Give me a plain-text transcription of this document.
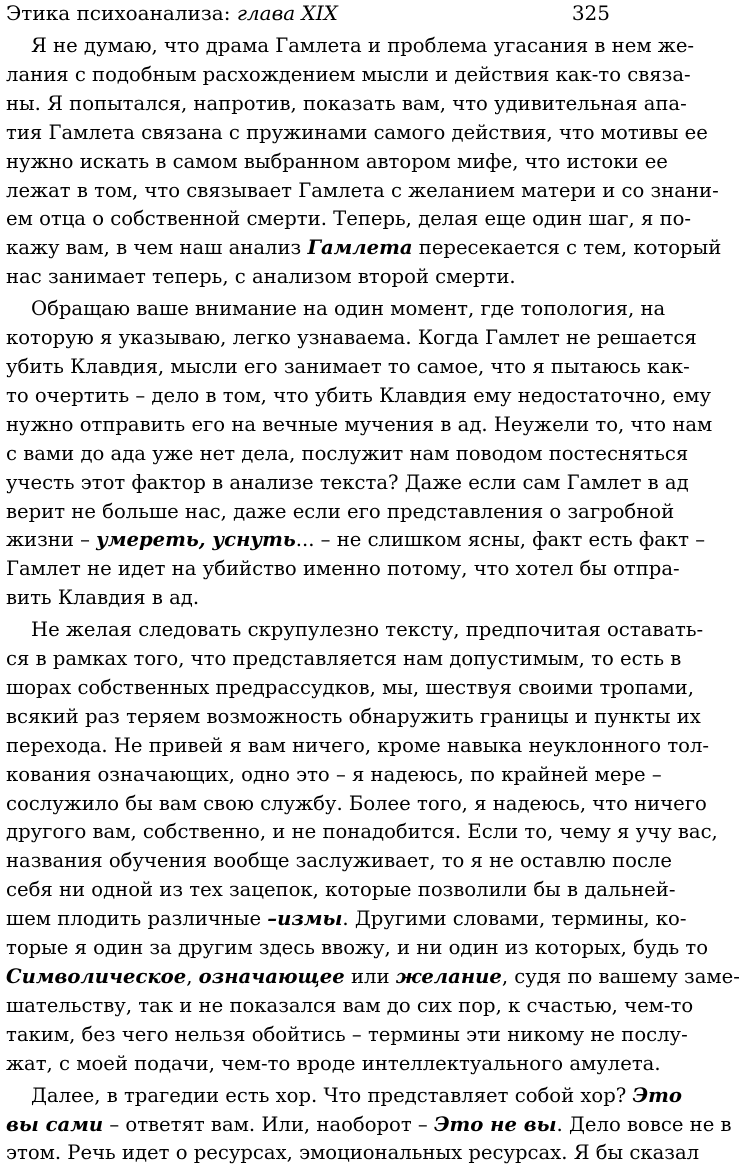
Этика психоанализа: глава XIX	325
Я не думаю, что драма Гамлета и проблема угасания в нем же-
лания с подобным расхождением мысли и действия как-то связа-
ны. Я попытался, напротив, показать вам, что удивительная апа-
тия Гамлета связана с пружинами самого действия, что мотивы ее
нужно искать в самом выбранном автором мифе, что истоки ее
лежат в том, что связывает Гамлета с желанием матери и со знани-
ем отца о собственной смерти. Теперь, делая еще один шаг, я по-
кажу вам, в чем наш анализ Гамлета пересекается с тем, который
нас занимает теперь, с анализом второй смерти.
Обращаю ваше внимание на один момент, где топология, на
которую я указываю, легко узнаваема. Когда Гамлет не решается
убить Клавдия, мысли его занимает то самое, что я пытаюсь как-
то очертить – дело в том, что убить Клавдия ему недостаточно, ему
нужно отправить его на вечные мучения в ад. Неужели то, что нам
с вами до ада уже нет дела, послужит нам поводом постесняться
учесть этот фактор в анализе текста? Даже если сам Гамлет в ад
верит не больше нас, даже если его представления о загробной
жизни – умереть, уснуть... – не слишком ясны, факт есть факт –
Гамлет не идет на убийство именно потому, что хотел бы отпра-
вить Клавдия в ад.
Не желая следовать скрупулезно тексту, предпочитая оставать-
ся в рамках того, что представляется нам допустимым, то есть в
шорах собственных предрассудков, мы, шествуя своими тропами,
всякий раз теряем возможность обнаружить границы и пункты их
перехода. Не привей я вам ничего, кроме навыка неуклонного тол-
кования означающих, одно это – я надеюсь, по крайней мере –
сослужило бы вам свою службу. Более того, я надеюсь, что ничего
другого вам, собственно, и не понадобится. Если то, чему я учу вас,
названия обучения вообще заслуживает, то я не оставлю после
себя ни одной из тех зацепок, которые позволили бы в дальней-
шем плодить различные –измы. Другими словами, термины, ко-
торые я один за другим здесь ввожу, и ни один из которых, будь то
Символическое, означающее или желание, судя по вашему заме-
шательству, так и не показался вам до сих пор, к счастью, чем-то
таким, без чего нельзя обойтись – термины эти никому не послу-
жат, с моей подачи, чем-то вроде интеллектуального амулета.
Далее, в трагедии есть хор. Что представляет собой хор? Это
вы сами – ответят вам. Или, наоборот – Это не вы. Дело вовсе не в
этом. Речь идет о ресурсах, эмоциональных ресурсах. Я бы сказал
